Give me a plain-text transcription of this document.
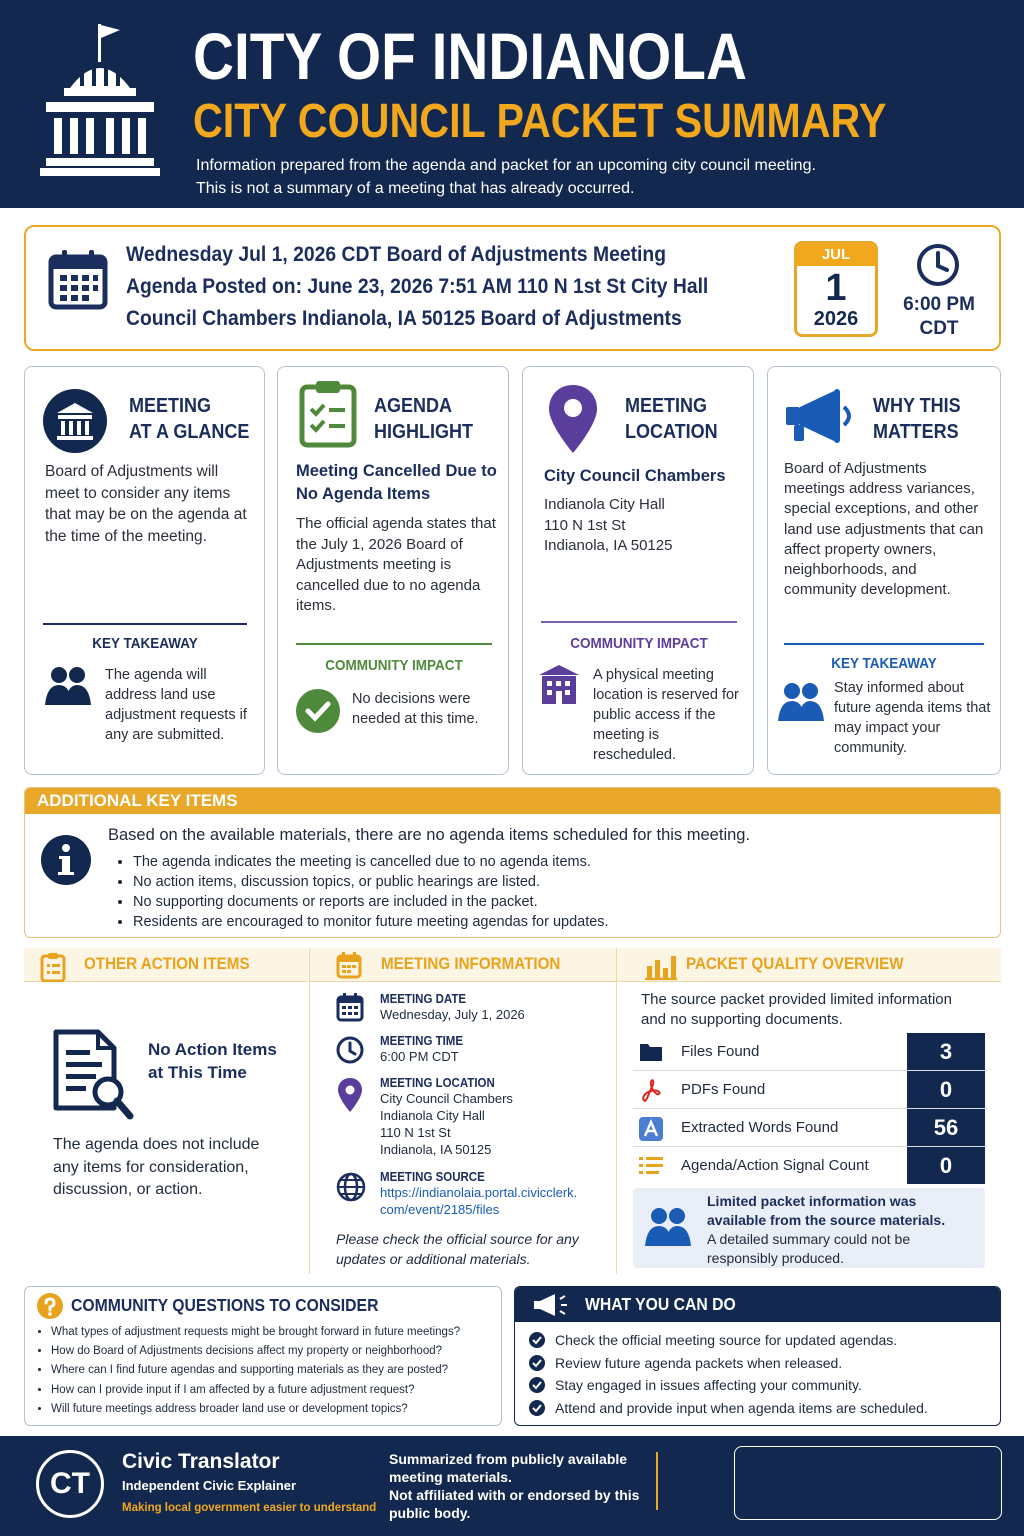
CITY OF INDIANOLA
CITY COUNCIL PACKET SUMMARY
Information prepared from the agenda and packet for an upcoming city council meeting.
This is not a summary of a meeting that has already occurred.
Wednesday Jul 1, 2026 CDT Board of Adjustments Meeting Agenda Posted on: June 23, 2026 7:51 AM 110 N 1st St City Hall Council Chambers Indianola, IA 50125 Board of Adjustments
JUL
1
2026
6:00 PM
CDT
MEETING
AT A GLANCE
Board of Adjustments will meet to consider any items that may be on the agenda at the time of the meeting.
KEY TAKEAWAY
The agenda will address land use adjustment requests if any are submitted.
AGENDA
HIGHLIGHT
Meeting Cancelled Due to No Agenda Items
The official agenda states that the July 1, 2026 Board of Adjustments meeting is cancelled due to no agenda items.
COMMUNITY IMPACT
No decisions were needed at this time.
MEETING
LOCATION
City Council Chambers
Indianola City Hall
110 N 1st St
Indianola, IA 50125
COMMUNITY IMPACT
A physical meeting location is reserved for public access if the meeting is rescheduled.
WHY THIS
MATTERS
Board of Adjustments meetings address variances, special exceptions, and other land use adjustments that can affect property owners, neighborhoods, and community development.
KEY TAKEAWAY
Stay informed about future agenda items that may impact your community.
ADDITIONAL KEY ITEMS
Based on the available materials, there are no agenda items scheduled for this meeting.
• The agenda indicates the meeting is cancelled due to no agenda items.
• No action items, discussion topics, or public hearings are listed.
• No supporting documents or reports are included in the packet.
• Residents are encouraged to monitor future meeting agendas for updates.
OTHER ACTION ITEMS
No Action Items
at This Time
The agenda does not include any items for consideration, discussion, or action.
MEETING INFORMATION
MEETING DATE
Wednesday, July 1, 2026
MEETING TIME
6:00 PM CDT
MEETING LOCATION
City Council Chambers
Indianola City Hall
110 N 1st St
Indianola, IA 50125
MEETING SOURCE
https://indianolaia.portal.civicclerk.
com/event/2185/files
Please check the official source for any updates or additional materials.
PACKET QUALITY OVERVIEW
The source packet provided limited information and no supporting documents.
Files Found	3
PDFs Found	0
Extracted Words Found	56
Agenda/Action Signal Count	0
Limited packet information was available from the source materials.
A detailed summary could not be responsibly produced.
COMMUNITY QUESTIONS TO CONSIDER
• What types of adjustment requests might be brought forward in future meetings?
• How do Board of Adjustments decisions affect my property or neighborhood?
• Where can I find future agendas and supporting materials as they are posted?
• How can I provide input if I am affected by a future adjustment request?
• Will future meetings address broader land use or development topics?
WHAT YOU CAN DO
Check the official meeting source for updated agendas.
Review future agenda packets when released.
Stay engaged in issues affecting your community.
Attend and provide input when agenda items are scheduled.
CT
Civic Translator
Independent Civic Explainer
Making local government easier to understand
Summarized from publicly available meeting materials.
Not affiliated with or endorsed by this public body.
